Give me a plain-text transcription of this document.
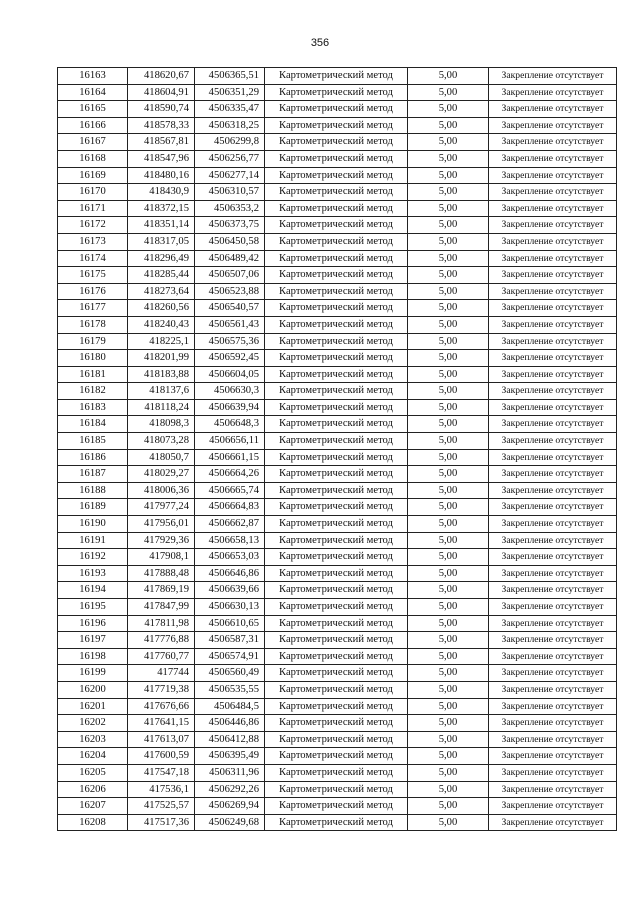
356
16163	418620,67	4506365,51	Картометрический метод	5,00	Закрепление отсутствует
16164	418604,91	4506351,29	Картометрический метод	5,00	Закрепление отсутствует
16165	418590,74	4506335,47	Картометрический метод	5,00	Закрепление отсутствует
16166	418578,33	4506318,25	Картометрический метод	5,00	Закрепление отсутствует
16167	418567,81	4506299,8	Картометрический метод	5,00	Закрепление отсутствует
16168	418547,96	4506256,77	Картометрический метод	5,00	Закрепление отсутствует
16169	418480,16	4506277,14	Картометрический метод	5,00	Закрепление отсутствует
16170	418430,9	4506310,57	Картометрический метод	5,00	Закрепление отсутствует
16171	418372,15	4506353,2	Картометрический метод	5,00	Закрепление отсутствует
16172	418351,14	4506373,75	Картометрический метод	5,00	Закрепление отсутствует
16173	418317,05	4506450,58	Картометрический метод	5,00	Закрепление отсутствует
16174	418296,49	4506489,42	Картометрический метод	5,00	Закрепление отсутствует
16175	418285,44	4506507,06	Картометрический метод	5,00	Закрепление отсутствует
16176	418273,64	4506523,88	Картометрический метод	5,00	Закрепление отсутствует
16177	418260,56	4506540,57	Картометрический метод	5,00	Закрепление отсутствует
16178	418240,43	4506561,43	Картометрический метод	5,00	Закрепление отсутствует
16179	418225,1	4506575,36	Картометрический метод	5,00	Закрепление отсутствует
16180	418201,99	4506592,45	Картометрический метод	5,00	Закрепление отсутствует
16181	418183,88	4506604,05	Картометрический метод	5,00	Закрепление отсутствует
16182	418137,6	4506630,3	Картометрический метод	5,00	Закрепление отсутствует
16183	418118,24	4506639,94	Картометрический метод	5,00	Закрепление отсутствует
16184	418098,3	4506648,3	Картометрический метод	5,00	Закрепление отсутствует
16185	418073,28	4506656,11	Картометрический метод	5,00	Закрепление отсутствует
16186	418050,7	4506661,15	Картометрический метод	5,00	Закрепление отсутствует
16187	418029,27	4506664,26	Картометрический метод	5,00	Закрепление отсутствует
16188	418006,36	4506665,74	Картометрический метод	5,00	Закрепление отсутствует
16189	417977,24	4506664,83	Картометрический метод	5,00	Закрепление отсутствует
16190	417956,01	4506662,87	Картометрический метод	5,00	Закрепление отсутствует
16191	417929,36	4506658,13	Картометрический метод	5,00	Закрепление отсутствует
16192	417908,1	4506653,03	Картометрический метод	5,00	Закрепление отсутствует
16193	417888,48	4506646,86	Картометрический метод	5,00	Закрепление отсутствует
16194	417869,19	4506639,66	Картометрический метод	5,00	Закрепление отсутствует
16195	417847,99	4506630,13	Картометрический метод	5,00	Закрепление отсутствует
16196	417811,98	4506610,65	Картометрический метод	5,00	Закрепление отсутствует
16197	417776,88	4506587,31	Картометрический метод	5,00	Закрепление отсутствует
16198	417760,77	4506574,91	Картометрический метод	5,00	Закрепление отсутствует
16199	417744	4506560,49	Картометрический метод	5,00	Закрепление отсутствует
16200	417719,38	4506535,55	Картометрический метод	5,00	Закрепление отсутствует
16201	417676,66	4506484,5	Картометрический метод	5,00	Закрепление отсутствует
16202	417641,15	4506446,86	Картометрический метод	5,00	Закрепление отсутствует
16203	417613,07	4506412,88	Картометрический метод	5,00	Закрепление отсутствует
16204	417600,59	4506395,49	Картометрический метод	5,00	Закрепление отсутствует
16205	417547,18	4506311,96	Картометрический метод	5,00	Закрепление отсутствует
16206	417536,1	4506292,26	Картометрический метод	5,00	Закрепление отсутствует
16207	417525,57	4506269,94	Картометрический метод	5,00	Закрепление отсутствует
16208	417517,36	4506249,68	Картометрический метод	5,00	Закрепление отсутствует
